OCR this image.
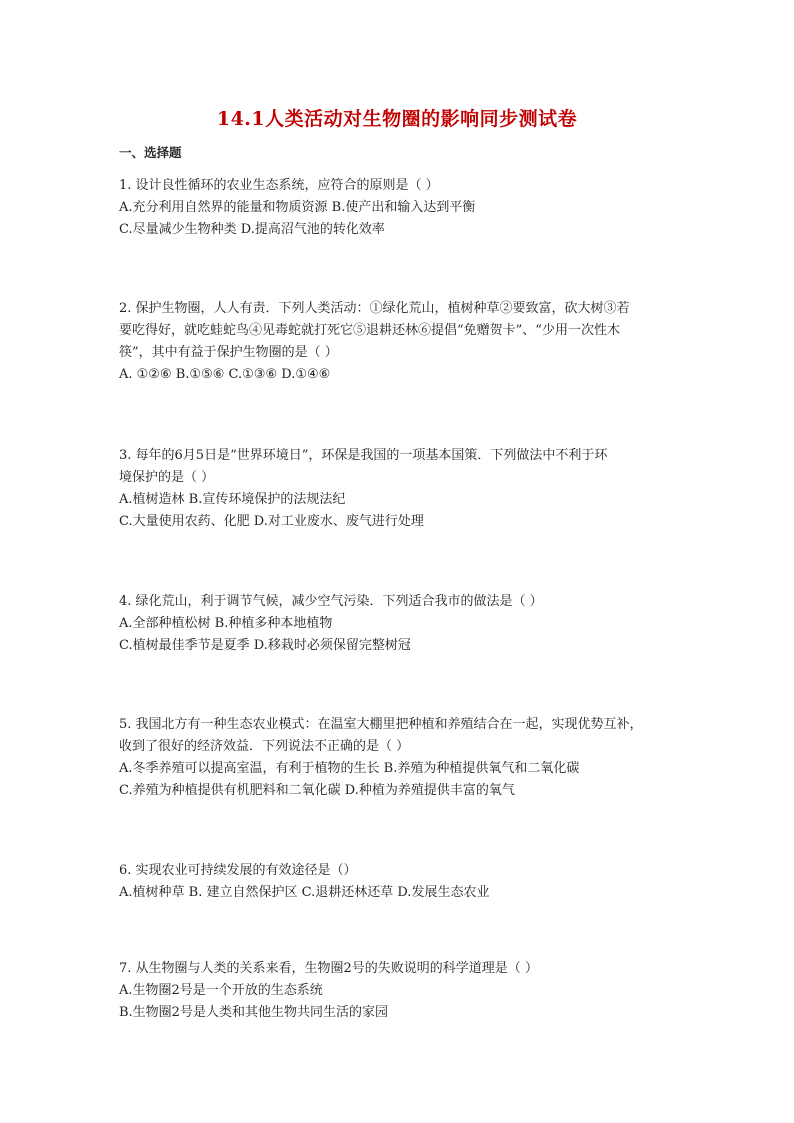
14.1人类活动对生物圈的影响同步测试卷
一、选择题
1. 设计良性循环的农业生态系统，应符合的原则是（ ）
A.充分利用自然界的能量和物质资源 B.使产出和输入达到平衡
C.尽量减少生物种类 D.提高沼气池的转化效率
2. 保护生物圈，人人有责．下列人类活动：①绿化荒山，植树种草②要致富，砍大树③若
要吃得好，就吃蛙蛇鸟④见毒蛇就打死它⑤退耕还林⑥提倡“免赠贺卡”、“少用一次性木
筷”，其中有益于保护生物圈的是（ ）
A. ①②⑥ B.①⑤⑥ C.①③⑥ D.①④⑥
3. 每年的6月5日是“世界环境日”，环保是我国的一项基本国策．下列做法中不利于环
境保护的是（ ）
A.植树造林 B.宣传环境保护的法规法纪
C.大量使用农药、化肥 D.对工业废水、废气进行处理
4. 绿化荒山，利于调节气候，减少空气污染．下列适合我市的做法是（ ）
A.全部种植松树 B.种植多种本地植物
C.植树最佳季节是夏季 D.移栽时必须保留完整树冠
5. 我国北方有一种生态农业模式：在温室大棚里把种植和养殖结合在一起，实现优势互补，
收到了很好的经济效益．下列说法不正确的是（ ）
A.冬季养殖可以提高室温，有利于植物的生长 B.养殖为种植提供氧气和二氧化碳
C.养殖为种植提供有机肥料和二氧化碳 D.种植为养殖提供丰富的氧气
6. 实现农业可持续发展的有效途径是（）
A.植树种草 B. 建立自然保护区 C.退耕还林还草 D.发展生态农业
7. 从生物圈与人类的关系来看，生物圈2号的失败说明的科学道理是（ ）
A.生物圈2号是一个开放的生态系统
B.生物圈2号是人类和其他生物共同生活的家园
